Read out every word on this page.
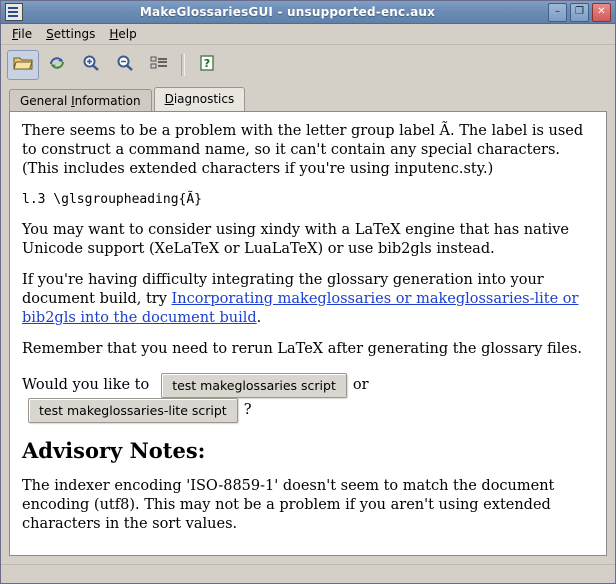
MakeGlossariesGUI - unsupported-enc.aux	–	❐	✕
File	Settings	Help
?
General Information	Diagnostics

There seems to be a problem with the letter group label Ã. The label is used to construct a command name, so it can't contain any special characters. (This includes extended characters if you're using inputenc.sty.)

l.3 \glsgroupheading{Ã}

You may want to consider using xindy with a LaTeX engine that has native Unicode support (XeLaTeX or LuaLaTeX) or use bib2gls instead.

If you're having difficulty integrating the glossary generation into your document build, try Incorporating makeglossaries or makeglossaries-lite or bib2gls into the document build.

Remember that you need to rerun LaTeX after generating the glossary files.

Would you like to	test makeglossaries script	or
test makeglossaries-lite script	?
Advisory Notes:

The indexer encoding 'ISO-8859-1' doesn't seem to match the document encoding (utf8). This may not be a problem if you aren't using extended characters in the sort values.
